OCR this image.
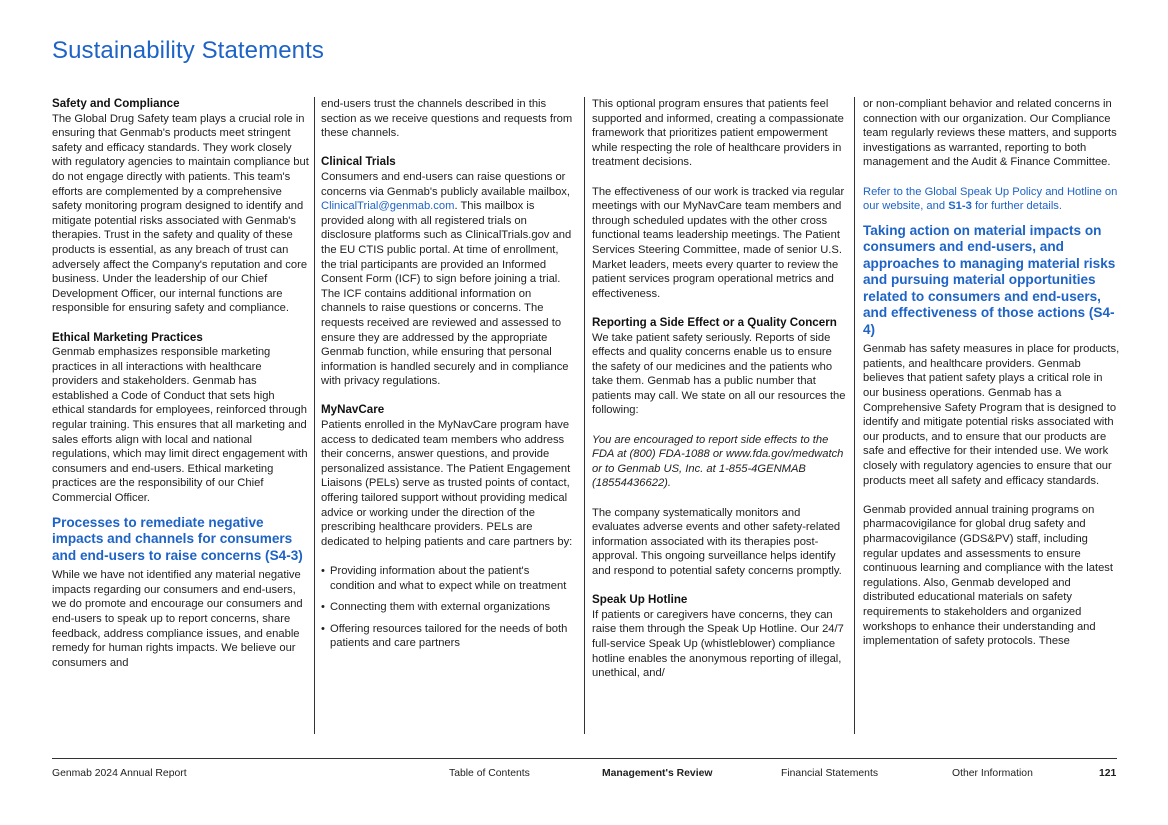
Sustainability Statements
Safety and Compliance

The Global Drug Safety team plays a crucial role in ensuring that Genmab's products meet stringent safety and efficacy standards. They work closely with regulatory agencies to maintain compliance but do not engage directly with patients. This team's efforts are complemented by a comprehensive safety monitoring program designed to identify and mitigate potential risks associated with Genmab's therapies. Trust in the safety and quality of these products is essential, as any breach of trust can adversely affect the Company's reputation and core business. Under the leadership of our Chief Development Officer, our internal functions are responsible for ensuring safety and compliance.

Ethical Marketing Practices

Genmab emphasizes responsible marketing practices in all interactions with healthcare providers and stakeholders. Genmab has established a Code of Conduct that sets high ethical standards for employees, reinforced through regular training. This ensures that all marketing and sales efforts align with local and national regulations, which may limit direct engagement with consumers and end-users. Ethical marketing practices are the responsibility of our Chief Commercial Officer.

Processes to remediate negative impacts and channels for consumers and end-users to raise concerns (S4-3)

While we have not identified any material negative impacts regarding our consumers and end-users, we do promote and encourage our consumers and end-users to speak up to report concerns, share feedback, address compliance issues, and enable remedy for human rights impacts. We believe our consumers and

end-users trust the channels described in this section as we receive questions and requests from these channels.

Clinical Trials

Consumers and end-users can raise questions or concerns via Genmab's publicly available mailbox, ClinicalTrial@genmab.com. This mailbox is provided along with all registered trials on disclosure platforms such as ClinicalTrials.gov and the EU CTIS public portal. At time of enrollment, the trial participants are provided an Informed Consent Form (ICF) to sign before joining a trial. The ICF contains additional information on channels to raise questions or concerns. The requests received are reviewed and assessed to ensure they are addressed by the appropriate Genmab function, while ensuring that personal information is handled securely and in compliance with privacy regulations.

MyNavCare

Patients enrolled in the MyNavCare program have access to dedicated team members who address their concerns, answer questions, and provide personalized assistance. The Patient Engagement Liaisons (PELs) serve as trusted points of contact, offering tailored support without providing medical advice or working under the direction of the prescribing healthcare providers. PELs are dedicated to helping patients and care partners by:

• Providing information about the patient's condition and what to expect while on treatment
• Connecting them with external organizations
• Offering resources tailored for the needs of both patients and care partners

This optional program ensures that patients feel supported and informed, creating a compassionate framework that prioritizes patient empowerment while respecting the role of healthcare providers in treatment decisions.

The effectiveness of our work is tracked via regular meetings with our MyNavCare team members and through scheduled updates with the other cross functional teams leadership meetings. The Patient Services Steering Committee, made of senior U.S. Market leaders, meets every quarter to review the patient services program operational metrics and effectiveness.

Reporting a Side Effect or a Quality Concern

We take patient safety seriously. Reports of side effects and quality concerns enable us to ensure the safety of our medicines and the patients who take them. Genmab has a public number that patients may call. We state on all our resources the following:

You are encouraged to report side effects to the FDA at (800) FDA-1088 or www.fda.gov/medwatch or to Genmab US, Inc. at 1-855-4GENMAB (18554436622).

The company systematically monitors and evaluates adverse events and other safety-related information associated with its therapies post-approval. This ongoing surveillance helps identify and respond to potential safety concerns promptly.

Speak Up Hotline

If patients or caregivers have concerns, they can raise them through the Speak Up Hotline. Our 24/7 full-service Speak Up (whistleblower) compliance hotline enables the anonymous reporting of illegal, unethical, and/

or non-compliant behavior and related concerns in connection with our organization. Our Compliance team regularly reviews these matters, and supports investigations as warranted, reporting to both management and the Audit & Finance Committee.

Refer to the Global Speak Up Policy and Hotline on our website, and S1-3 for further details.

Taking action on material impacts on consumers and end-users, and approaches to managing material risks and pursuing material opportunities related to consumers and end-users, and effectiveness of those actions (S4-4)

Genmab has safety measures in place for products, patients, and healthcare providers. Genmab believes that patient safety plays a critical role in our business operations. Genmab has a Comprehensive Safety Program that is designed to identify and mitigate potential risks associated with our products, and to ensure that our products are safe and effective for their intended use. We work closely with regulatory agencies to ensure that our products meet all safety and efficacy standards.

Genmab provided annual training programs on pharmacovigilance for global drug safety and pharmacovigilance (GDS&PV) staff, including regular updates and assessments to ensure continuous learning and compliance with the latest regulations. Also, Genmab developed and distributed educational materials on safety requirements to stakeholders and organized workshops to enhance their understanding and implementation of safety protocols. These

Genmab 2024 Annual Report	Table of Contents	Management's Review	Financial Statements	Other Information	121
